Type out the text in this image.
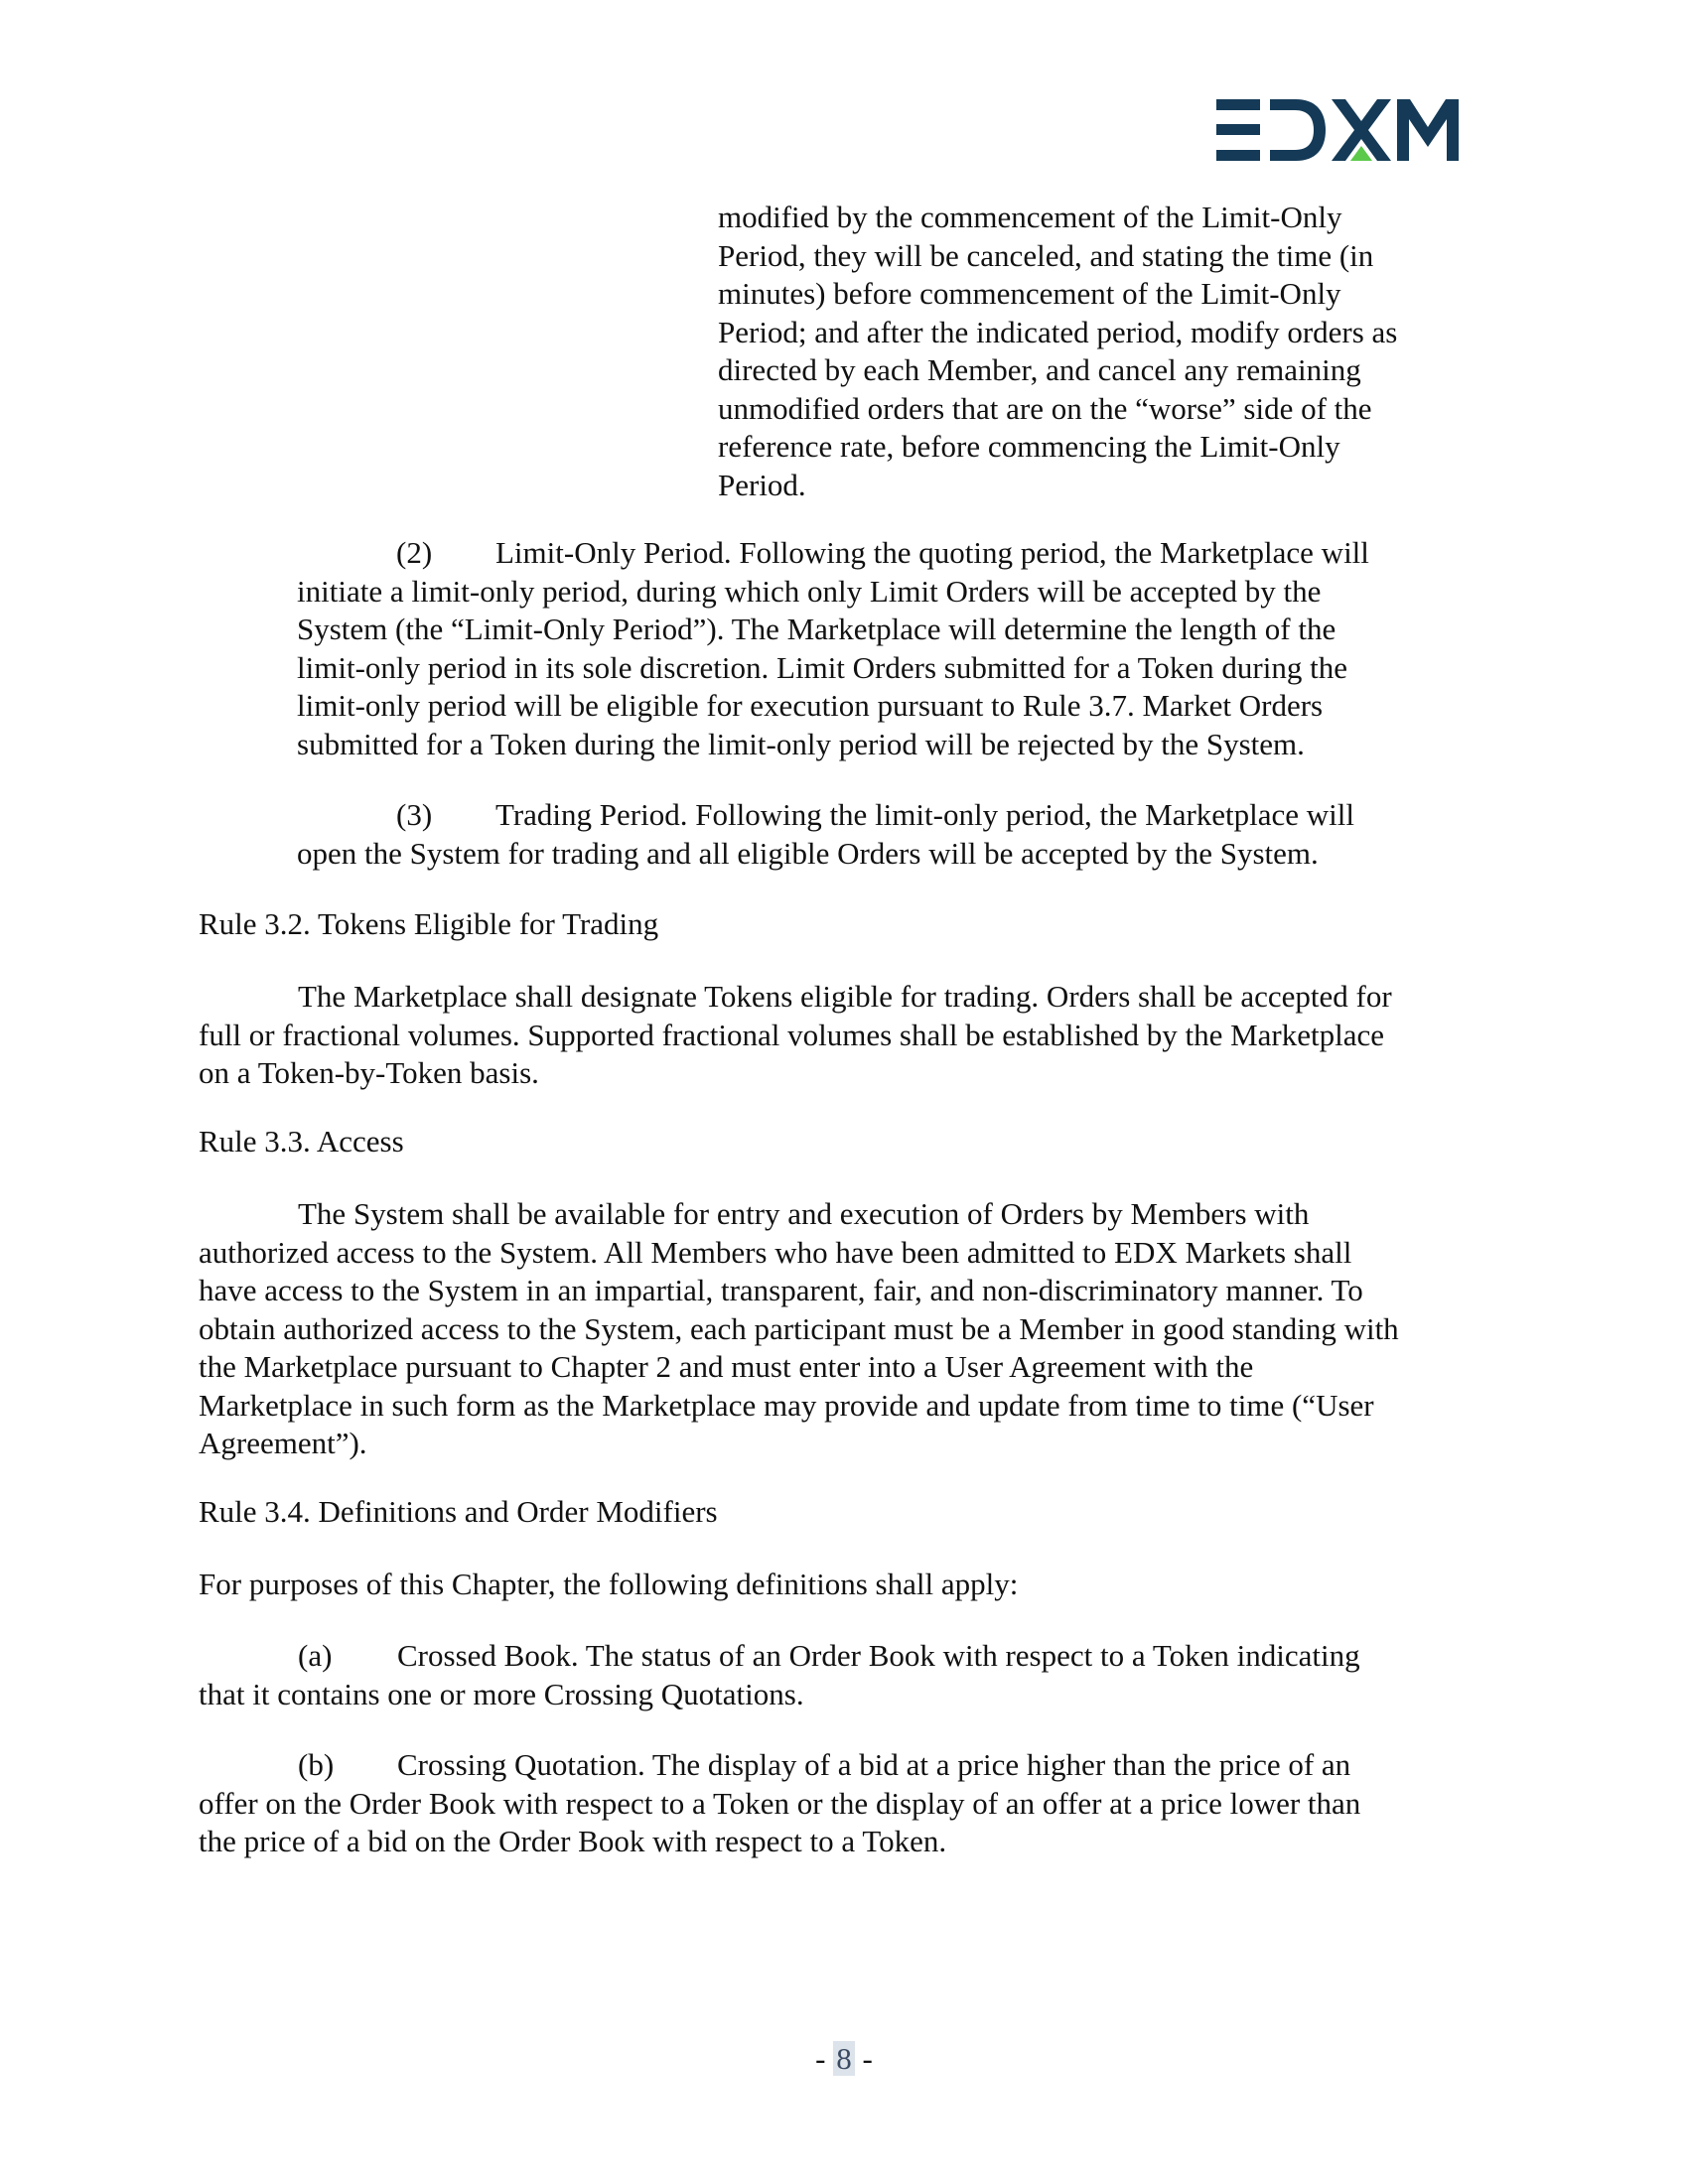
modified by the commencement of the Limit-Only
Period, they will be canceled, and stating the time (in
minutes) before commencement of the Limit-Only
Period; and after the indicated period, modify orders as
directed by each Member, and cancel any remaining
unmodified orders that are on the “worse” side of the
reference rate, before commencing the Limit-Only
Period.
(2) Limit-Only Period. Following the quoting period, the Marketplace will
initiate a limit-only period, during which only Limit Orders will be accepted by the
System (the “Limit-Only Period”). The Marketplace will determine the length of the
limit-only period in its sole discretion. Limit Orders submitted for a Token during the
limit-only period will be eligible for execution pursuant to Rule 3.7. Market Orders
submitted for a Token during the limit-only period will be rejected by the System.
(3) Trading Period. Following the limit-only period, the Marketplace will
open the System for trading and all eligible Orders will be accepted by the System.
Rule 3.2. Tokens Eligible for Trading
The Marketplace shall designate Tokens eligible for trading. Orders shall be accepted for
full or fractional volumes. Supported fractional volumes shall be established by the Marketplace
on a Token-by-Token basis.
Rule 3.3. Access
The System shall be available for entry and execution of Orders by Members with
authorized access to the System. All Members who have been admitted to EDX Markets shall
have access to the System in an impartial, transparent, fair, and non-discriminatory manner. To
obtain authorized access to the System, each participant must be a Member in good standing with
the Marketplace pursuant to Chapter 2 and must enter into a User Agreement with the
Marketplace in such form as the Marketplace may provide and update from time to time (“User
Agreement”).
Rule 3.4. Definitions and Order Modifiers
For purposes of this Chapter, the following definitions shall apply:
(a) Crossed Book. The status of an Order Book with respect to a Token indicating
that it contains one or more Crossing Quotations.
(b) Crossing Quotation. The display of a bid at a price higher than the price of an
offer on the Order Book with respect to a Token or the display of an offer at a price lower than
the price of a bid on the Order Book with respect to a Token.
- 8 -
